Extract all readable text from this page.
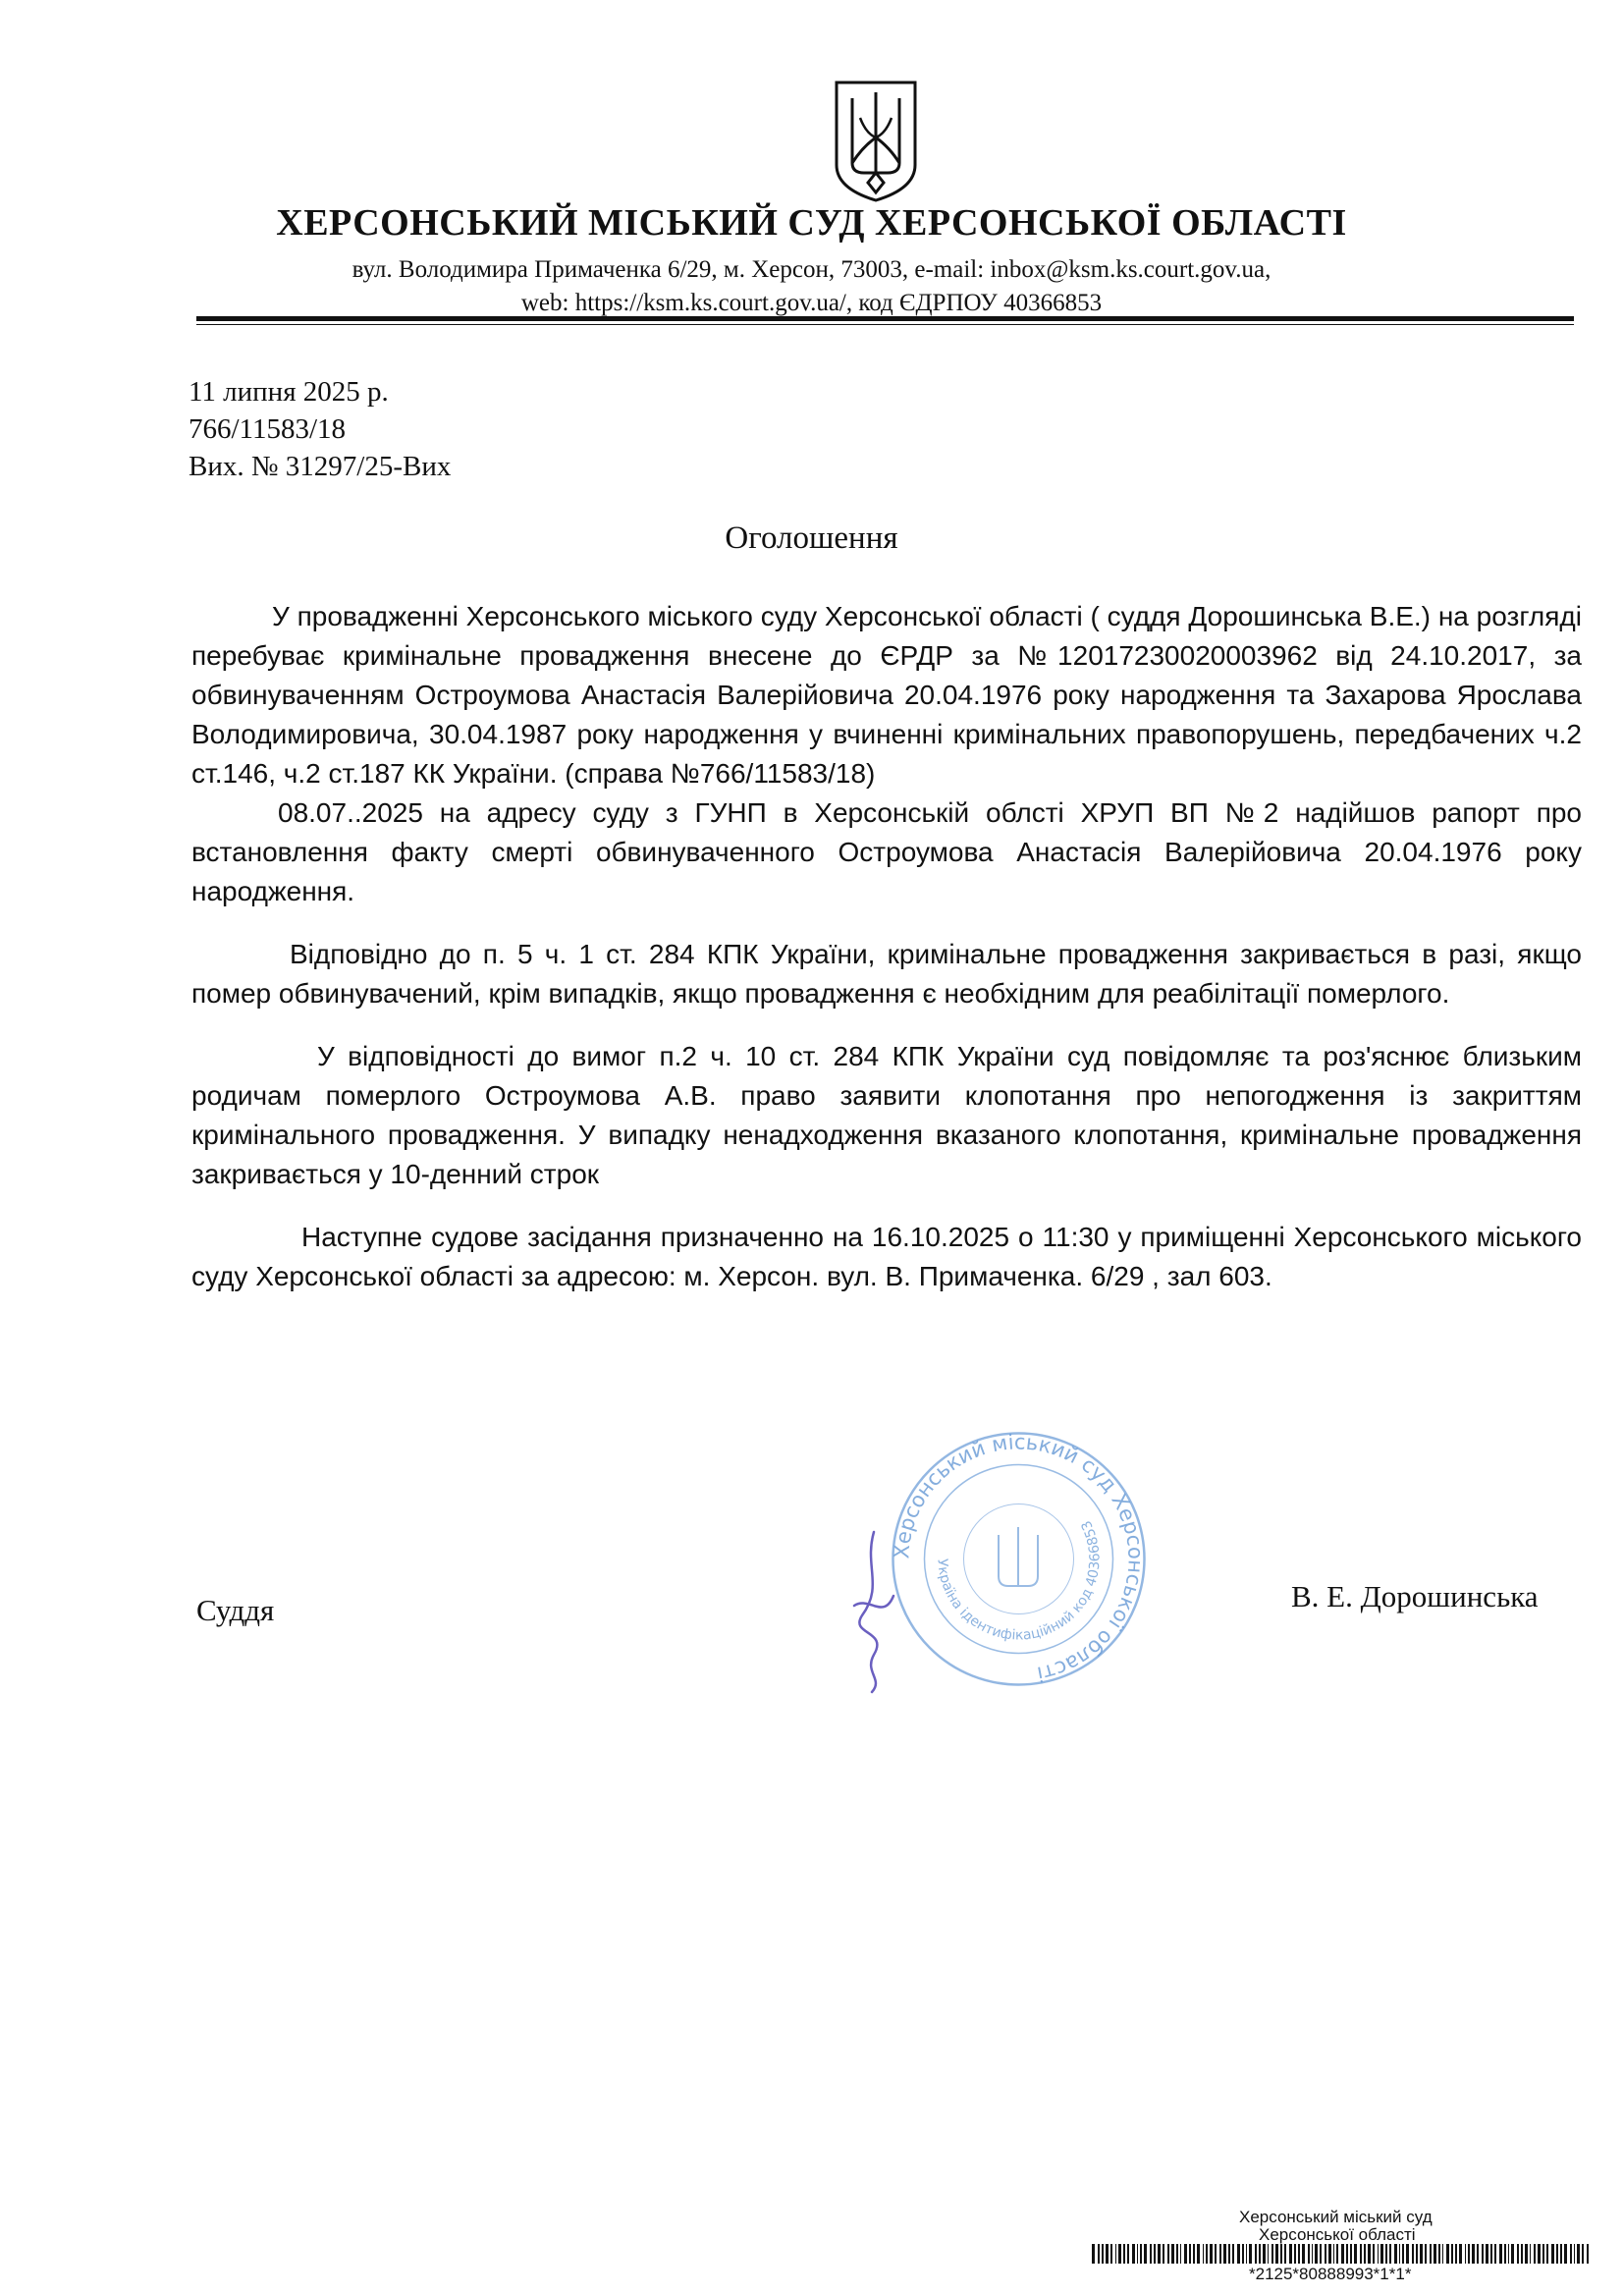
ХЕРСОНСЬКИЙ МІСЬКИЙ СУД ХЕРСОНСЬКОЇ ОБЛАСТІ
вул. Володимира Примаченка 6/29, м. Херсон, 73003, e-mail: inbox@ksm.ks.court.gov.ua,
web: https://ksm.ks.court.gov.ua/, код ЄДРПОУ 40366853
11 липня 2025 р.
766/11583/18
Вих. № 31297/25-Вих
Оголошення

У провадженні Херсонського міського суду Херсонської області ( суддя Дорошинська В.Е.) на розгляді перебуває кримінальне провадження внесене до ЄРДР за №12017230020003962 від 24.10.2017, за обвинуваченням Остроумова Анастасія Валерійовича 20.04.1976 року народження та Захарова Ярослава Володимировича, 30.04.1987 року народження у вчиненні кримінальних правопорушень, передбачених ч.2 ст.146, ч.2 ст.187 КК України. (справа №766/11583/18)

08.07..2025 на адресу суду з ГУНП в Херсонській облсті ХРУП ВП №2 надійшов рапорт про встановлення факту смерті обвинуваченного Остроумова Анастасія Валерійовича 20.04.1976 року народження.

Відповідно до п. 5 ч. 1 ст. 284 КПК України, кримінальне провадження закривається в разі, якщо помер обвинувачений, крім випадків, якщо провадження є необхідним для реабілітації померлого.

У відповідності до вимог п.2 ч. 10 ст. 284 КПК України суд повідомляє та роз'яснює близьким родичам померлого Остроумова А.В. право заявити клопотання про непогодження із закриттям кримінального провадження. У випадку ненадходження вказаного клопотання, кримінальне провадження закривається у 10-денний строк

Наступне судове засідання призначенно на 16.10.2025 о 11:30 у приміщенні Херсонського міського суду Херсонської області за адресою: м. Херсон. вул. В. Примаченка. 6/29 , зал 603.

Херсонський міський суд Херсонської області
Україна ідентифікаційний код 40366853
Суддя	В. Е. Дорошинська
Херсонський міський суд
Херсонської області
*2125*80888993*1*1*
